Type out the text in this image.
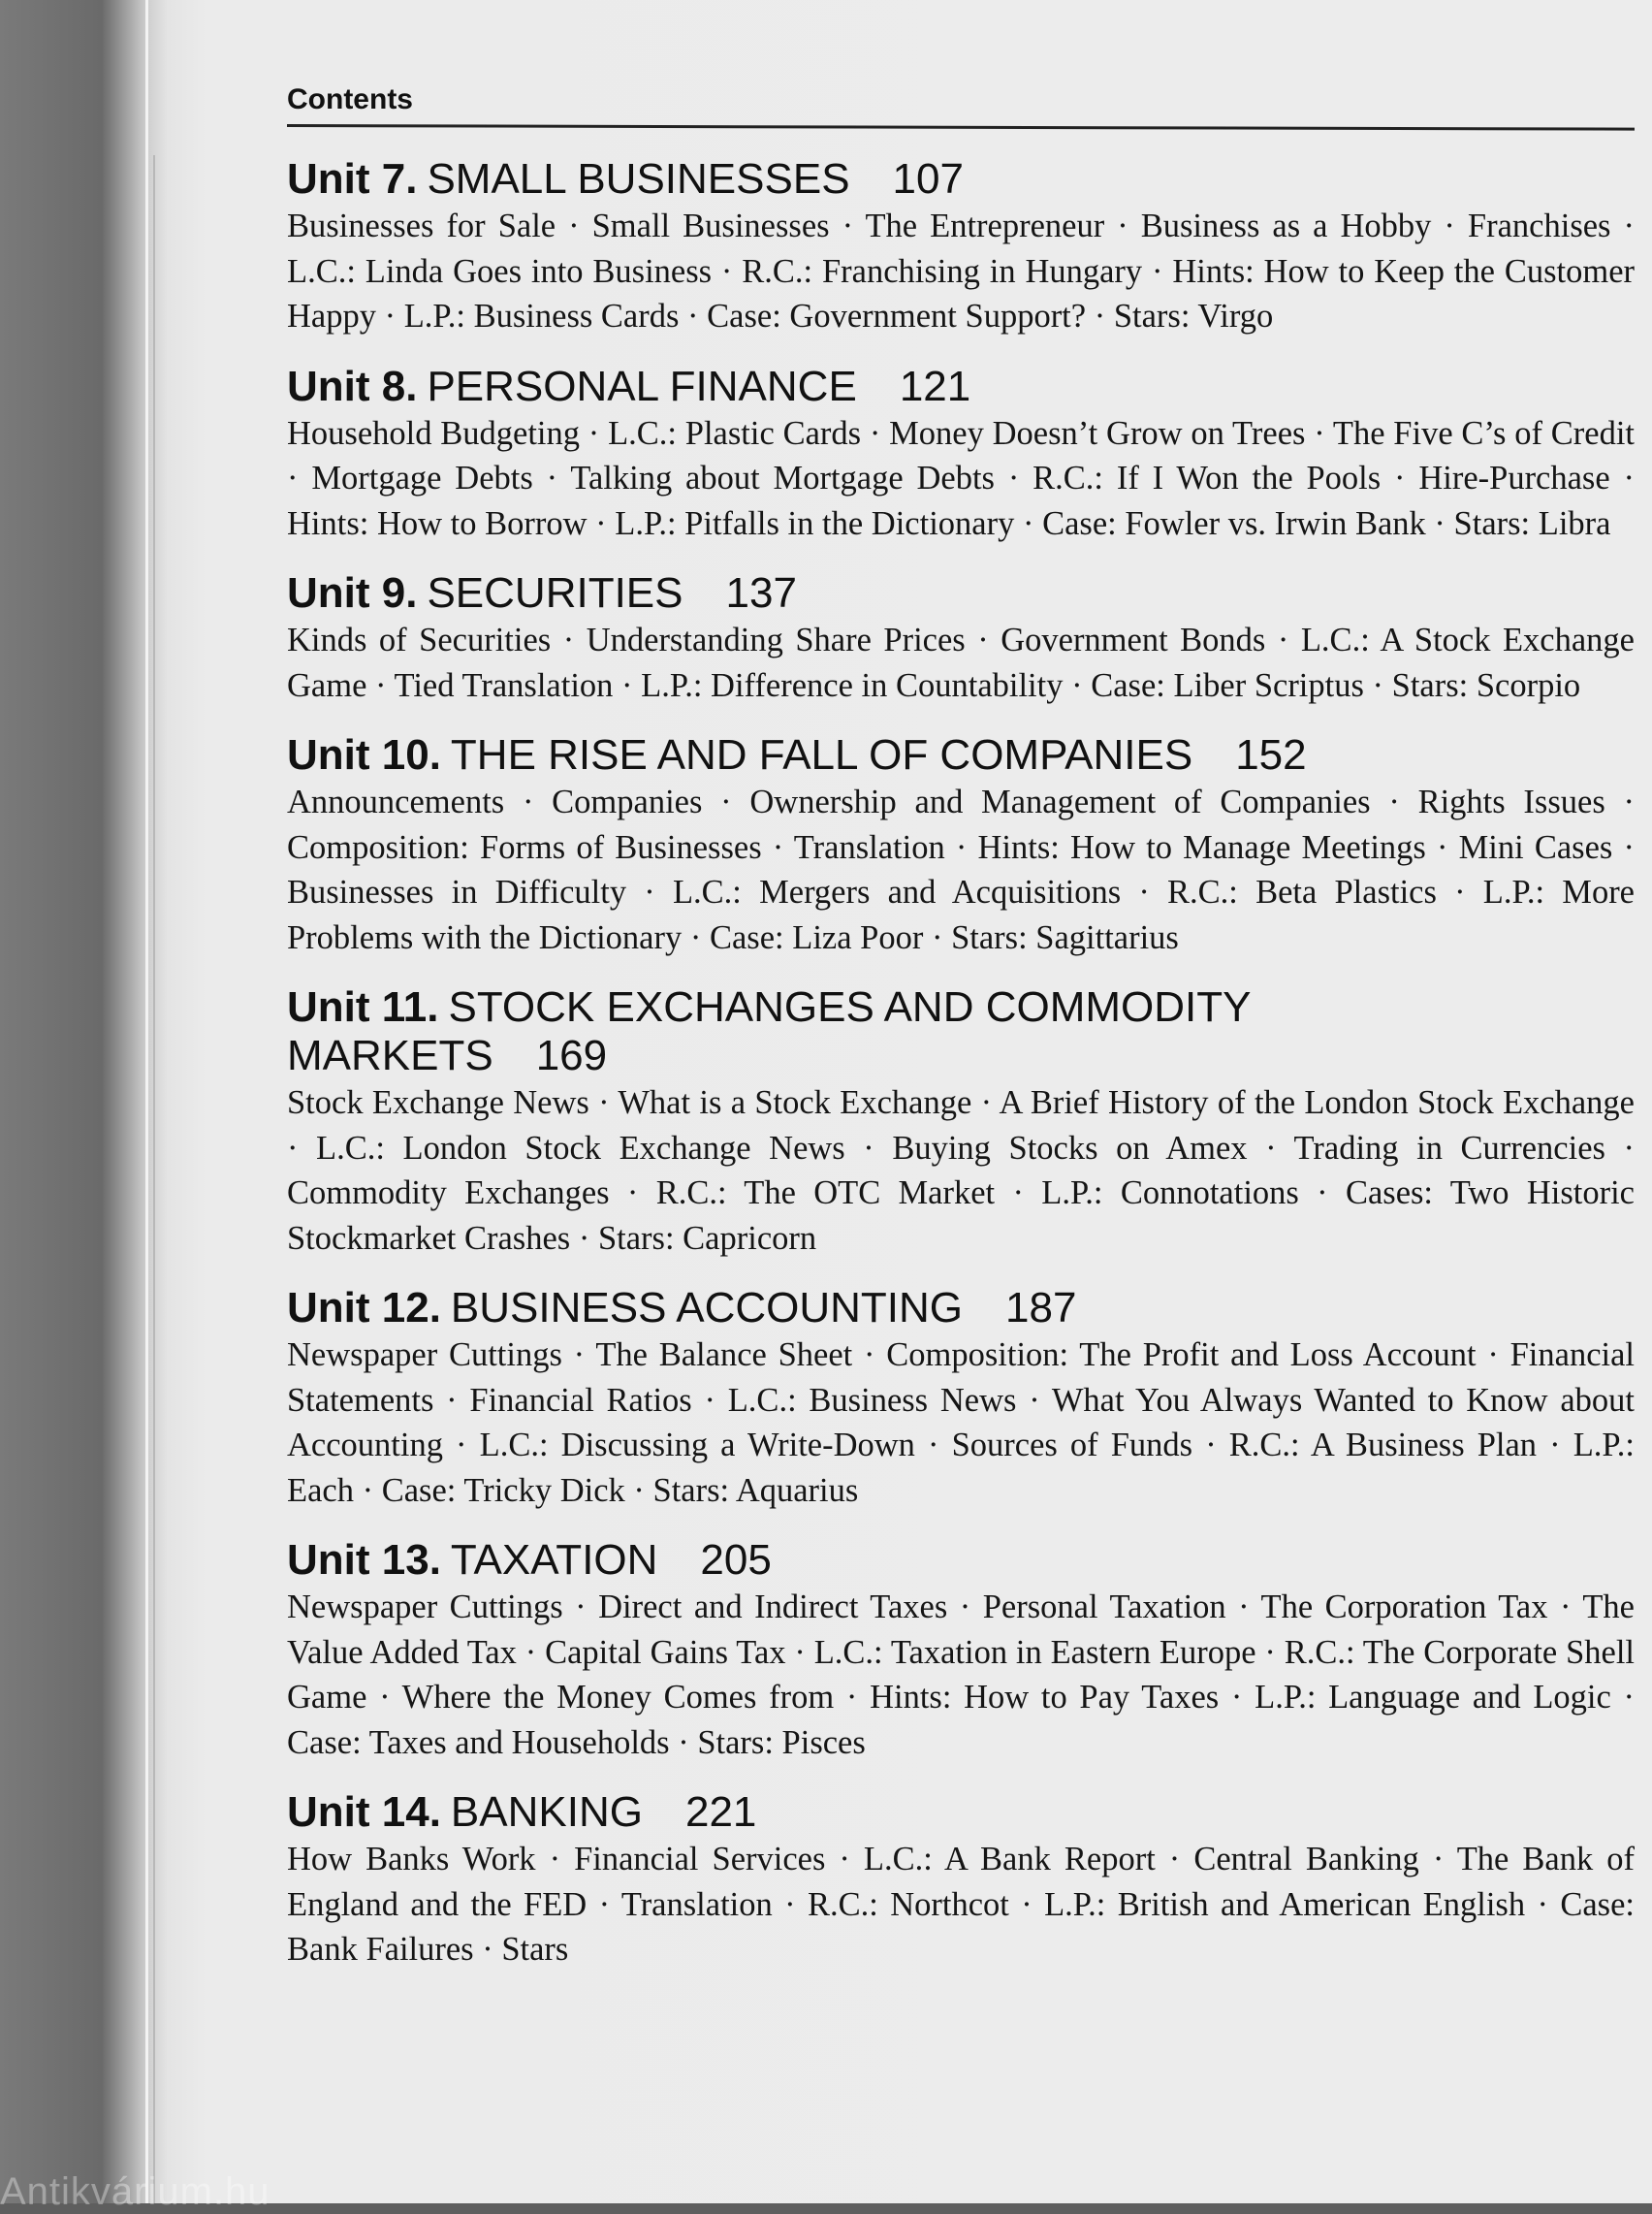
Contents

Unit 7. SMALL BUSINESSES 107

Businesses for Sale · Small Businesses · The Entrepreneur · Business as a Hobby · Franchises · L.C.: Linda Goes into Business · R.C.: Franchising in Hungary · Hints: How to Keep the Customer Happy · L.P.: Business Cards · Case: Government Support? · Stars: Virgo

Unit 8. PERSONAL FINANCE 121

Household Budgeting · L.C.: Plastic Cards · Money Doesn’t Grow on Trees · The Five C’s of Credit · Mortgage Debts · Talking about Mortgage Debts · R.C.: If I Won the Pools · Hire-Purchase · Hints: How to Borrow · L.P.: Pitfalls in the Dictionary · Case: Fowler vs. Irwin Bank · Stars: Libra

Unit 9. SECURITIES 137

Kinds of Securities · Understanding Share Prices · Government Bonds · L.C.: A Stock Exchange Game · Tied Translation · L.P.: Difference in Countability · Case: Liber Scriptus · Stars: Scorpio

Unit 10. THE RISE AND FALL OF COMPANIES 152

Announcements · Companies · Ownership and Management of Companies · Rights Issues · Composition: Forms of Businesses · Translation · Hints: How to Manage Meetings · Mini Cases · Businesses in Difficulty · L.C.: Mergers and Acquisitions · R.C.: Beta Plastics · L.P.: More Problems with the Dictionary · Case: Liza Poor · Stars: Sagittarius

Unit 11. STOCK EXCHANGES AND COMMODITY MARKETS 169

Stock Exchange News · What is a Stock Exchange · A Brief History of the London Stock Exchange · L.C.: London Stock Exchange News · Buying Stocks on Amex · Trading in Currencies · Commodity Exchanges · R.C.: The OTC Market · L.P.: Connotations · Cases: Two Historic Stockmarket Crashes · Stars: Capricorn

Unit 12. BUSINESS ACCOUNTING 187

Newspaper Cuttings · The Balance Sheet · Composition: The Profit and Loss Account · Financial Statements · Financial Ratios · L.C.: Business News · What You Always Wanted to Know about Accounting · L.C.: Discussing a Write-Down · Sources of Funds · R.C.: A Business Plan · L.P.: Each · Case: Tricky Dick · Stars: Aquarius

Unit 13. TAXATION 205

Newspaper Cuttings · Direct and Indirect Taxes · Personal Taxation · The Corporation Tax · The Value Added Tax · Capital Gains Tax · L.C.: Taxation in Eastern Europe · R.C.: The Corporate Shell Game · Where the Money Comes from · Hints: How to Pay Taxes · L.P.: Language and Logic · Case: Taxes and Households · Stars: Pisces

Unit 14. BANKING 221

How Banks Work · Financial Services · L.C.: A Bank Report · Central Banking · The Bank of England and the FED · Translation · R.C.: Northcot · L.P.: British and American English · Case: Bank Failures · Stars

Antikvárium.hu
